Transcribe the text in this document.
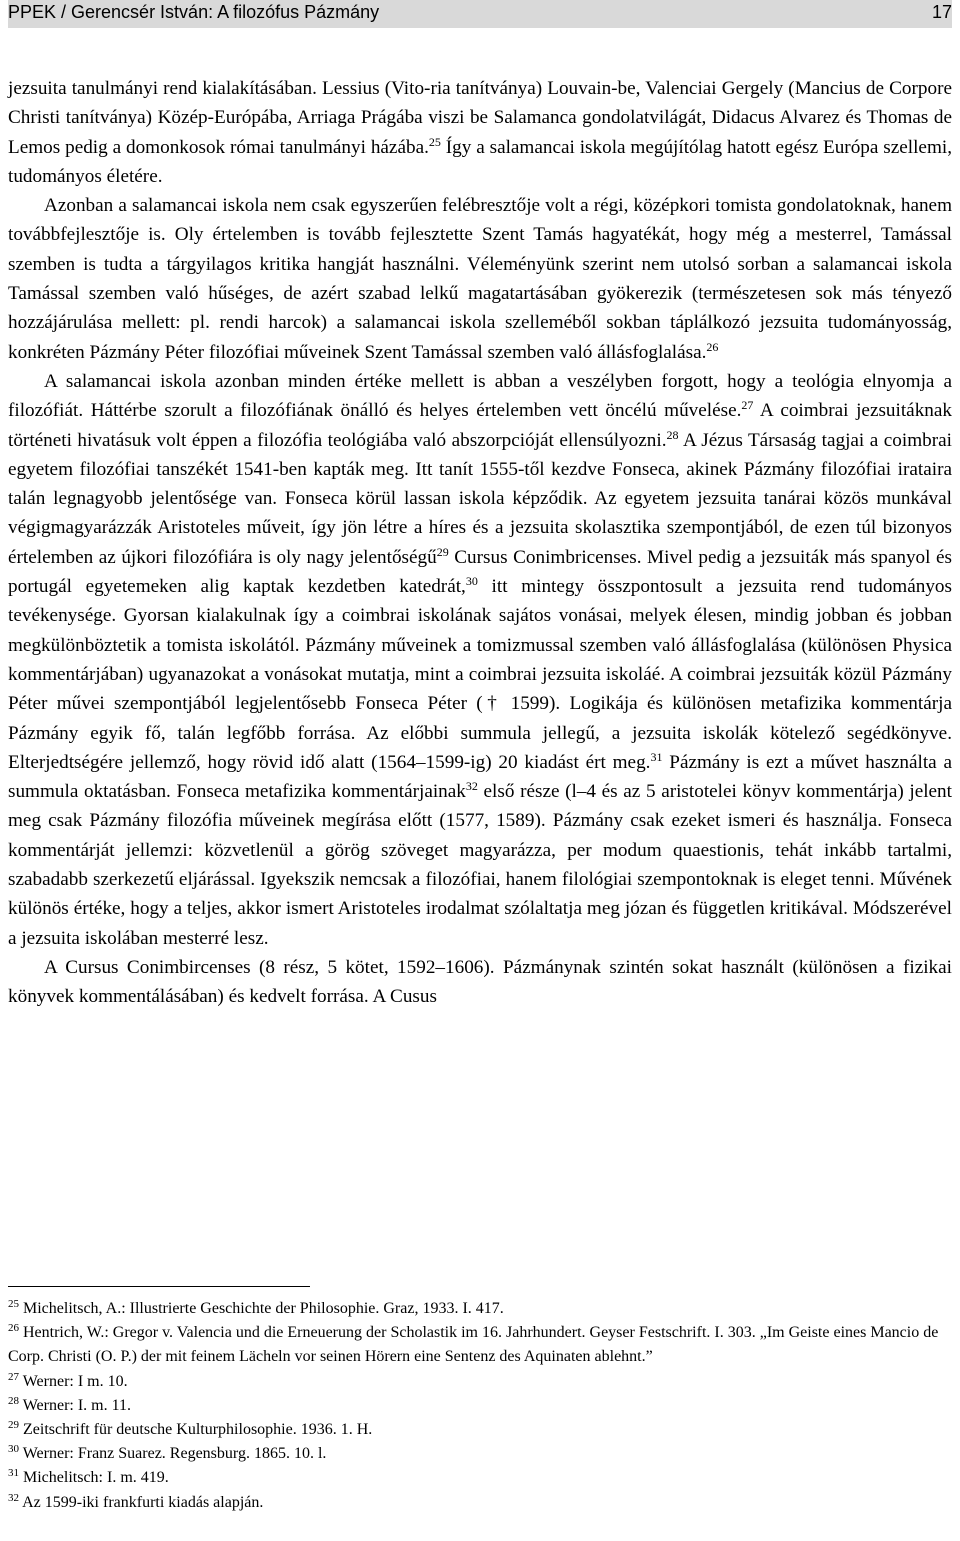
PPEK / Gerencsér István: A filozófus Pázmány	17

jezsuita tanulmányi rend kialakításában. Lessius (Vito-ria tanítványa) Louvain-be, Valenciai Gergely (Mancius de Corpore Christi tanítványa) Közép-Európába, Arriaga Prágába viszi be Salamanca gondolatvilágát, Didacus Alvarez és Thomas de Lemos pedig a domonkosok római tanulmányi házába.$^{25}$ Így a salamancai iskola megújítólag hatott egész Európa szellemi, tudományos életére.

Azonban a salamancai iskola nem csak egyszerűen felébresztője volt a régi, középkori tomista gondolatoknak, hanem továbbfejlesztője is. Oly értelemben is tovább fejlesztette Szent Tamás hagyatékát, hogy még a mesterrel, Tamással szemben is tudta a tárgyilagos kritika hangját használni. Véleményünk szerint nem utolsó sorban a salamancai iskola Tamással szemben való hűséges, de azért szabad lelkű magatartásában gyökerezik (természetesen sok más tényező hozzájárulása mellett: pl. rendi harcok) a salamancai iskola szelleméből sokban táplálkozó jezsuita tudományosság, konkréten Pázmány Péter filozófiai műveinek Szent Tamással szemben való állásfoglalása.$^{26}$

A salamancai iskola azonban minden értéke mellett is abban a veszélyben forgott, hogy a teológia elnyomja a filozófiát. Háttérbe szorult a filozófiának önálló és helyes értelemben vett öncélú művelése.$^{27}$ A coimbrai jezsuitáknak történeti hivatásuk volt éppen a filozófia teológiába való abszorpcióját ellensúlyozni.$^{28}$ A Jézus Társaság tagjai a coimbrai egyetem filozófiai tanszékét 1541-ben kapták meg. Itt tanít 1555-től kezdve Fonseca, akinek Pázmány filozófiai irataira talán legnagyobb jelentősége van. Fonseca körül lassan iskola képződik. Az egyetem jezsuita tanárai közös munkával végigmagyarázzák Aristoteles műveit, így jön létre a híres és a jezsuita skolasztika szempontjából, de ezen túl bizonyos értelemben az újkori filozófiára is oly nagy jelentőségű$^{29}$ Cursus Conimbricenses. Mivel pedig a jezsuiták más spanyol és portugál egyetemeken alig kaptak kezdetben katedrát,$^{30}$ itt mintegy összpontosult a jezsuita rend tudományos tevékenysége. Gyorsan kialakulnak így a coimbrai iskolának sajátos vonásai, melyek élesen, mindig jobban és jobban megkülönböztetik a tomista iskolától. Pázmány műveinek a tomizmussal szemben való állásfoglalása (különösen Physica kommentárjában) ugyanazokat a vonásokat mutatja, mint a coimbrai jezsuita iskoláé. A coimbrai jezsuiták közül Pázmány Péter művei szempontjából legjelentősebb Fonseca Péter († 1599). Logikája és különösen metafizika kommentárja Pázmány egyik fő, talán legfőbb forrása. Az előbbi summula jellegű, a jezsuita iskolák kötelező segédkönyve. Elterjedtségére jellemző, hogy rövid idő alatt (1564–1599-ig) 20 kiadást ért meg.$^{31}$ Pázmány is ezt a művet használta a summula oktatásban. Fonseca metafizika kommentárjainak$^{32}$ első része (l–4 és az 5 aristotelei könyv kommentárja) jelent meg csak Pázmány filozófia műveinek megírása előtt (1577, 1589). Pázmány csak ezeket ismeri és használja. Fonseca kommentárját jellemzi: közvetlenül a görög szöveget magyarázza, per modum quaestionis, tehát inkább tartalmi, szabadabb szerkezetű eljárással. Igyekszik nemcsak a filozófiai, hanem filológiai szempontoknak is eleget tenni. Művének különös értéke, hogy a teljes, akkor ismert Aristoteles irodalmat szólaltatja meg józan és független kritikával. Módszerével a jezsuita iskolában mesterré lesz.

A Cursus Conimbircenses (8 rész, 5 kötet, 1592–1606). Pázmánynak szintén sokat használt (különösen a fizikai könyvek kommentálásában) és kedvelt forrása. A Cusus

$^{25}$ Michelitsch, A.: Illustrierte Geschichte der Philosophie. Graz, 1933. I. 417.
$^{26}$ Hentrich, W.: Gregor v. Valencia und die Erneuerung der Scholastik im 16. Jahrhundert. Geyser Festschrift. I. 303. „Im Geiste eines Mancio de Corp. Christi (O. P.) der mit feinem Lächeln vor seinen Hörern eine Sentenz des Aquinaten ablehnt.”
$^{27}$ Werner: I m. 10.
$^{28}$ Werner: I. m. 11.
$^{29}$ Zeitschrift für deutsche Kulturphilosophie. 1936. 1. H.
$^{30}$ Werner: Franz Suarez. Regensburg. 1865. 10. l.
$^{31}$ Michelitsch: I. m. 419.
$^{32}$ Az 1599-iki frankfurti kiadás alapján.
